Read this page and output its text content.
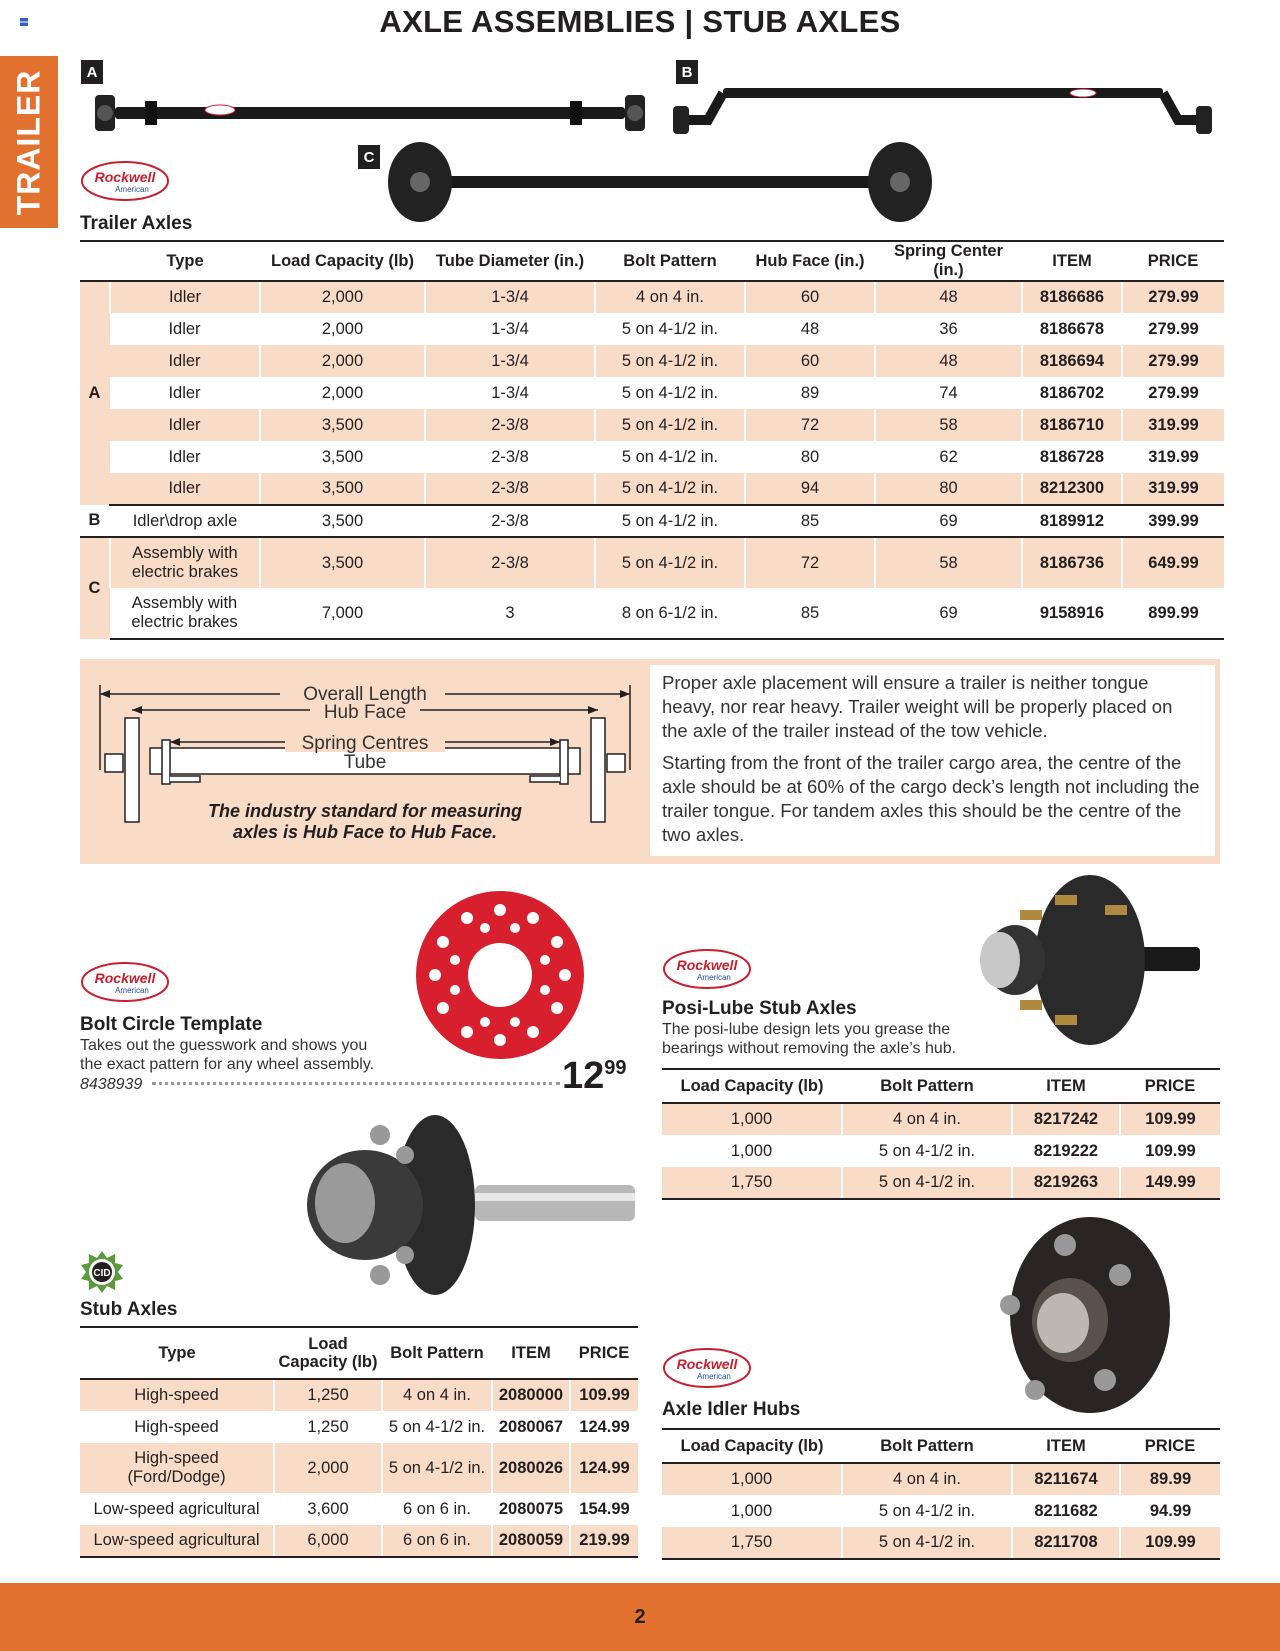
AXLE ASSEMBLIES | STUB AXLES
TRAILER	A	B
C
Rockwell
American
Trailer Axles
	Type	Load Capacity (lb)	Tube Diameter (in.)	Bolt Pattern	Hub Face (in.)	Spring Center (in.)	ITEM	PRICE
A	Idler	2,000	1-3/4	4 on 4 in.	60	48	8186686	279.99
	Idler	2,000	1-3/4	5 on 4-1/2 in.	48	36	8186678	279.99
	Idler	2,000	1-3/4	5 on 4-1/2 in.	60	48	8186694	279.99
	Idler	2,000	1-3/4	5 on 4-1/2 in.	89	74	8186702	279.99
	Idler	3,500	2-3/8	5 on 4-1/2 in.	72	58	8186710	319.99
	Idler	3,500	2-3/8	5 on 4-1/2 in.	80	62	8186728	319.99
	Idler	3,500	2-3/8	5 on 4-1/2 in.	94	80	8212300	319.99
B	Idler\drop axle	3,500	2-3/8	5 on 4-1/2 in.	85	69	8189912	399.99
C	Assembly with
electric brakes	3,500	2-3/8	5 on 4-1/2 in.	72	58	8186736	649.99

	Assembly with
electric brakes	7,000	3	8 on 6-1/2 in.	85	69	9158916	899.99
Overall Length
Hub Face
Spring Centres
Tube
The industry standard for measuring
axles is Hub Face to Hub Face.

Proper axle placement will ensure a trailer is neither tongue heavy, nor rear heavy. Trailer weight will be properly placed on the axle of the trailer instead of the tow vehicle.

Starting from the front of the trailer cargo area, the centre of the axle should be at 60% of the cargo deck’s length not including the trailer tongue. For tandem axles this should be the centre of the two axles.

Rockwell
American
Bolt Circle Template
Takes out the guesswork and shows you
the exact pattern for any wheel assembly.
8438939	$12^{99}$
Rockwell
American
Posi-Lube Stub Axles
The posi-lube design lets you grease the
bearings without removing the axle’s hub.
Load Capacity (lb)	Bolt Pattern	ITEM	PRICE
1,000	4 on 4 in.	8217242	109.99
1,000	5 on 4-1/2 in.	8219222	109.99
1,750	5 on 4-1/2 in.	8219263	149.99
CID
Stub Axles
Type	Load
Capacity (lb)	Bolt Pattern	ITEM	PRICE
High-speed	1,250	4 on 4 in.	2080000	109.99
High-speed	1,250	5 on 4-1/2 in.	2080067	124.99

High-speed
(Ford/Dodge)	2,000	5 on 4-1/2 in.	2080026	124.99
Low-speed agricultural	3,600	6 on 6 in.	2080075	154.99
Low-speed agricultural	6,000	6 on 6 in.	2080059	219.99
Rockwell
American
Axle Idler Hubs
Load Capacity (lb)	Bolt Pattern	ITEM	PRICE
1,000	4 on 4 in.	8211674	89.99
1,000	5 on 4-1/2 in.	8211682	94.99
1,750	5 on 4-1/2 in.	8211708	109.99
2
